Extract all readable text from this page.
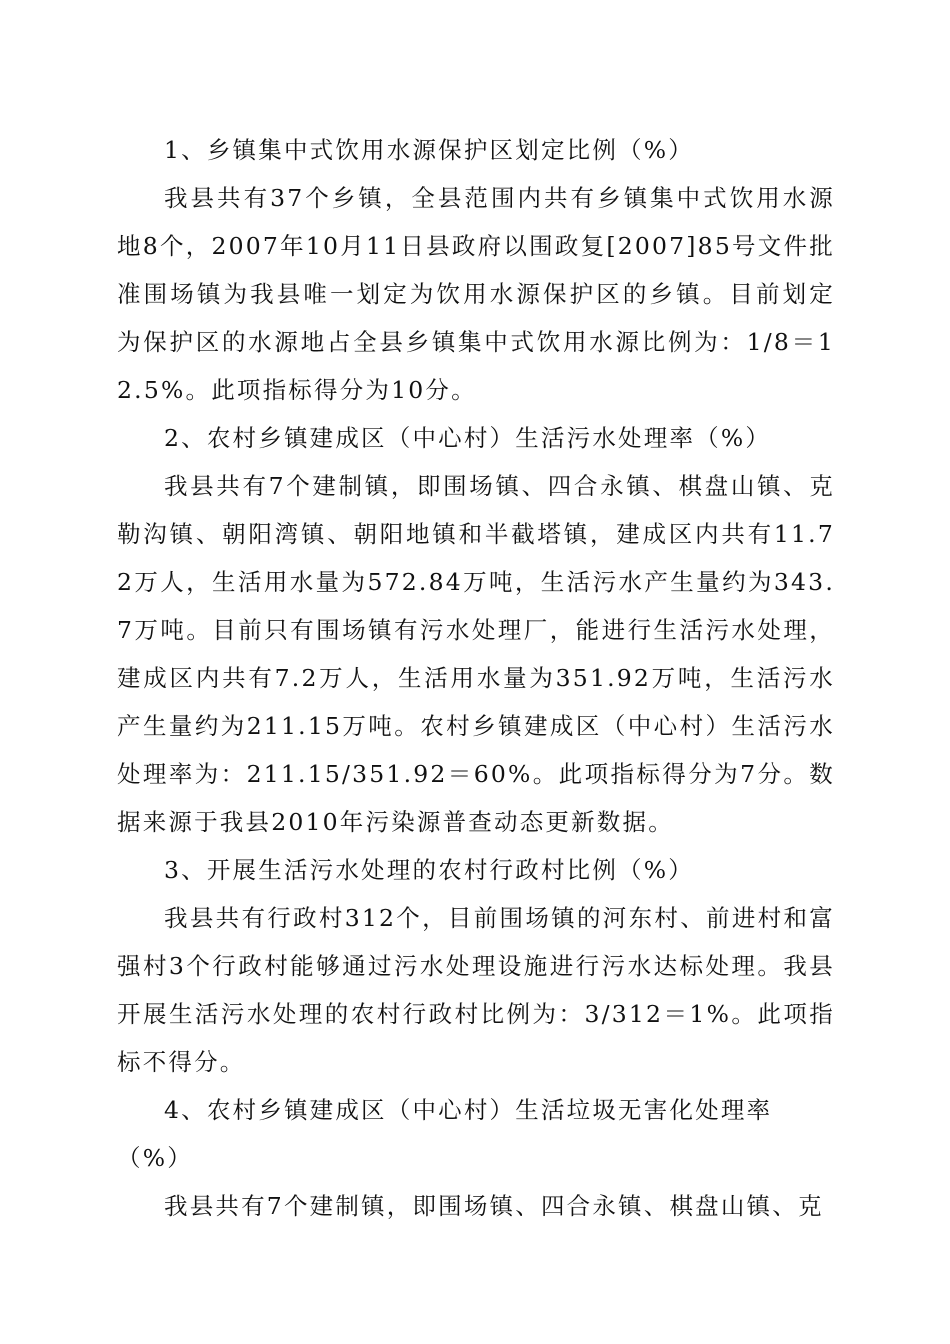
1、乡镇集中式饮用水源保护区划定比例（%）

我县共有37个乡镇，全县范围内共有乡镇集中式饮用水源地8个，2007年10月11日县政府以围政复[2007]85号文件批准围场镇为我县唯一划定为饮用水源保护区的乡镇。目前划定为保护区的水源地占全县乡镇集中式饮用水源比例为：1/8＝12.5%。此项指标得分为10分。

2、农村乡镇建成区（中心村）生活污水处理率（%）

我县共有7个建制镇，即围场镇、四合永镇、棋盘山镇、克勒沟镇、朝阳湾镇、朝阳地镇和半截塔镇，建成区内共有11.72万人，生活用水量为572.84万吨，生活污水产生量约为343.7万吨。目前只有围场镇有污水处理厂，能进行生活污水处理，建成区内共有7.2万人，生活用水量为351.92万吨，生活污水产生量约为211.15万吨。农村乡镇建成区（中心村）生活污水处理率为：211.15/351.92＝60%。此项指标得分为7分。数据来源于我县2010年污染源普查动态更新数据。

3、开展生活污水处理的农村行政村比例（%）

我县共有行政村312个，目前围场镇的河东村、前进村和富强村3个行政村能够通过污水处理设施进行污水达标处理。我县开展生活污水处理的农村行政村比例为：3/312＝1%。此项指标不得分。

4、农村乡镇建成区（中心村）生活垃圾无害化处理率（%）

我县共有7个建制镇，即围场镇、四合永镇、棋盘山镇、克
